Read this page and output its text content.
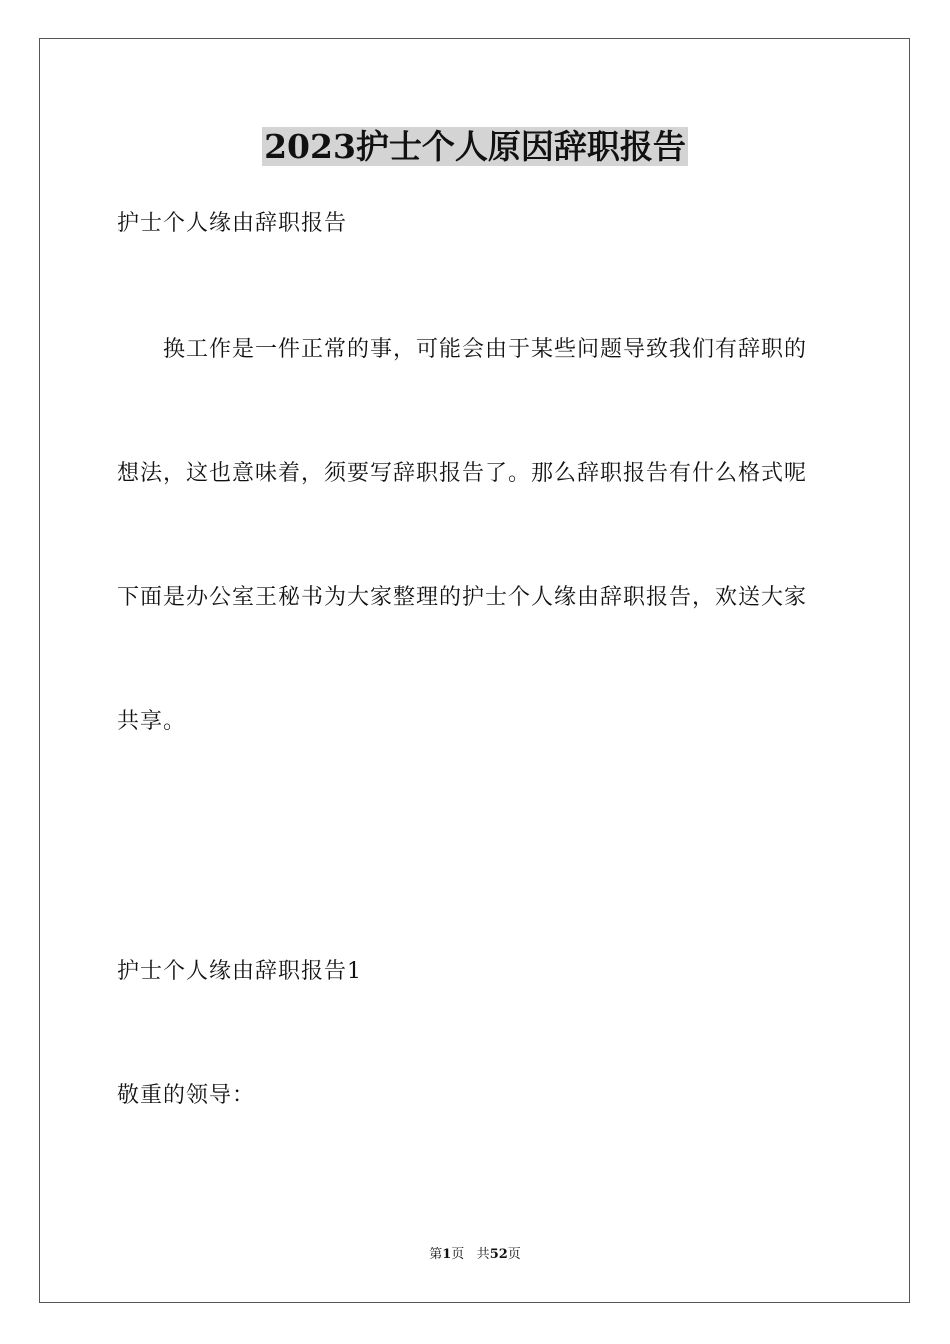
2023护士个人原因辞职报告
护士个人缘由辞职报告
换工作是一件正常的事，可能会由于某些问题导致我们有辞职的
想法，这也意味着，须要写辞职报告了。那么辞职报告有什么格式呢
下面是办公室王秘书为大家整理的护士个人缘由辞职报告，欢送大家
共享。
护士个人缘由辞职报告1
敬重的领导：
第1页 共52页
